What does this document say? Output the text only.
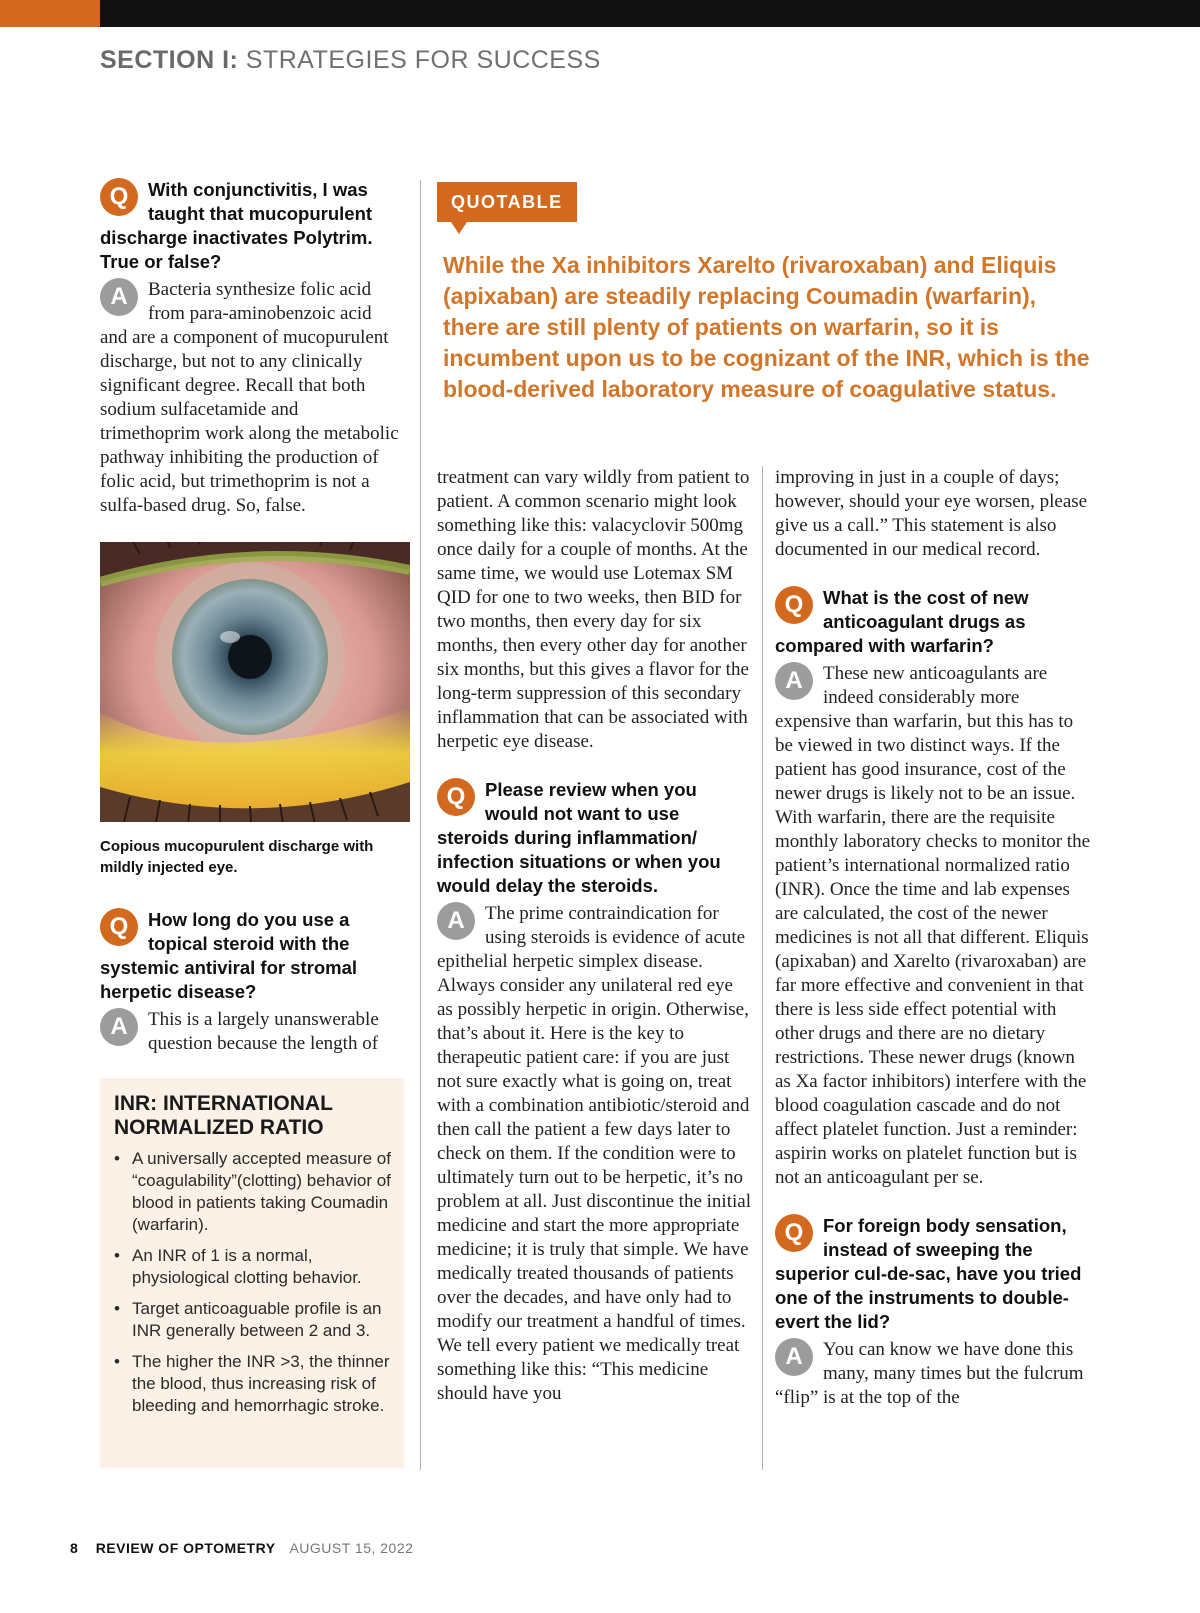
SECTION I: STRATEGIES FOR SUCCESS

Q	With conjunctivitis, I was taught that mucopurulent discharge inactivates Polytrim. True or false?

A	Bacteria synthesize folic acid from para-aminobenzoic acid and are a component of mucopurulent discharge, but not to any clinically significant degree. Recall that both sodium sulfacetamide and trimethoprim work along the metabolic pathway inhibiting the production of folic acid, but trimethoprim is not a sulfa-based drug. So, false.

Copious mucopurulent discharge with mildly injected eye.

Q	How long do you use a topical steroid with the systemic antiviral for stromal herpetic disease?

A	This is a largely unanswerable question because the length of

INR: INTERNATIONAL NORMALIZED RATIO
• A universally accepted measure of “coagulability”(clotting) behavior of blood in patients taking Coumadin (warfarin).
• An INR of 1 is a normal, physiological clotting behavior.
• Target anticoaguable profile is an INR generally between 2 and 3.
• The higher the INR >3, the thinner the blood, thus increasing risk of bleeding and hemorrhagic stroke.
QUOTABLE
While the Xa inhibitors Xarelto (rivaroxaban) and Eliquis (apixaban) are steadily replacing Coumadin (warfarin), there are still plenty of patients on warfarin, so it is incumbent upon us to be cognizant of the INR, which is the blood-derived laboratory measure of coagulative status.

treatment can vary wildly from patient to patient. A common scenario might look something like this: valacyclovir 500mg once daily for a couple of months. At the same time, we would use Lotemax SM QID for one to two weeks, then BID for two months, then every day for six months, then every other day for another six months, but this gives a flavor for the long-term suppression of this secondary inflammation that can be associated with herpetic eye disease.

Q	Please review when you would not want to use steroids during inflammation/ infection situations or when you would delay the steroids.

A	The prime contraindication for using steroids is evidence of acute epithelial herpetic simplex disease. Always consider any unilateral red eye as possibly herpetic in origin. Otherwise, that’s about it. Here is the key to therapeutic patient care: if you are just not sure exactly what is going on, treat with a combination antibiotic/steroid and then call the patient a few days later to check on them. If the condition were to ultimately turn out to be herpetic, it’s no problem at all. Just discontinue the initial medicine and start the more appropriate medicine; it is truly that simple. We have medically treated thousands of patients over the decades, and have only had to modify our treatment a handful of times. We tell every patient we medically treat something like this: “This medicine should have you

improving in just in a couple of days; however, should your eye worsen, please give us a call.” This statement is also documented in our medical record.

Q	What is the cost of new anticoagulant drugs as compared with warfarin?

A	These new anticoagulants are indeed considerably more expensive than warfarin, but this has to be viewed in two distinct ways. If the patient has good insurance, cost of the newer drugs is likely not to be an issue. With warfarin, there are the requisite monthly laboratory checks to monitor the patient’s international normalized ratio (INR). Once the time and lab expenses are calculated, the cost of the newer medicines is not all that different. Eliquis (apixaban) and Xarelto (rivaroxaban) are far more effective and convenient in that there is less side effect potential with other drugs and there are no dietary restrictions. These newer drugs (known as Xa factor inhibitors) interfere with the blood coagulation cascade and do not affect platelet function. Just a reminder: aspirin works on platelet function but is not an anticoagulant per se.

Q	For foreign body sensation, instead of sweeping the superior cul-de-sac, have you tried one of the instruments to double-evert the lid?

A	You can know we have done this many, many times but the fulcrum “flip” is at the top of the

8 REVIEW OF OPTOMETRY AUGUST 15, 2022
